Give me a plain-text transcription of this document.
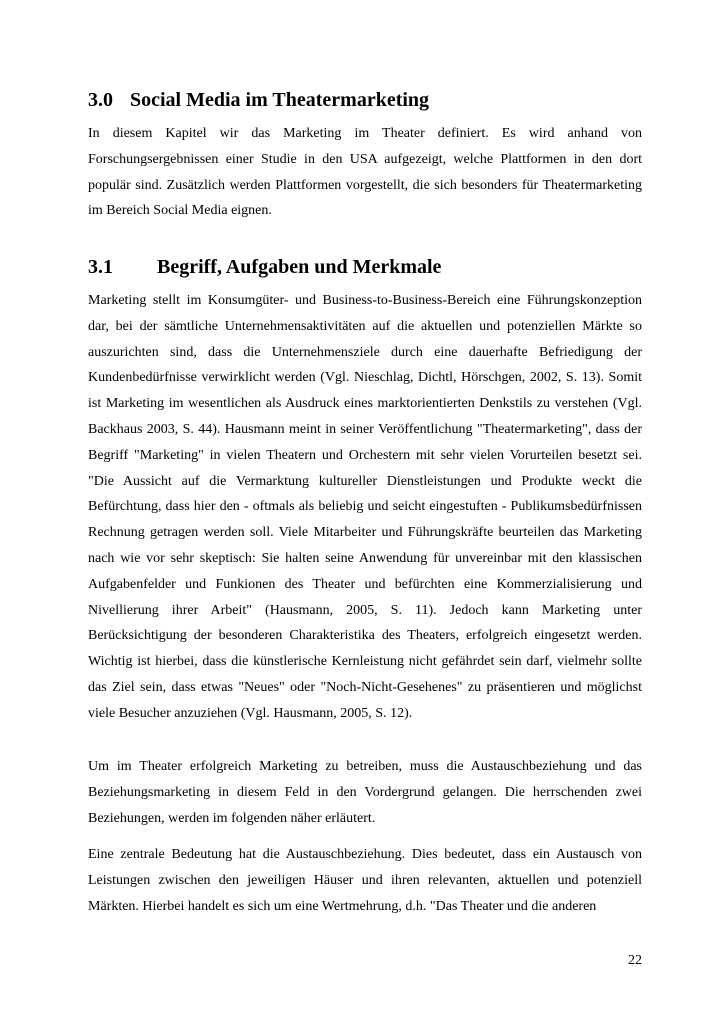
3.0 Social Media im Theatermarketing

In diesem Kapitel wir das Marketing im Theater definiert. Es wird anhand von Forschungsergebnissen einer Studie in den USA aufgezeigt, welche Plattformen in den dort populär sind. Zusätzlich werden Plattformen vorgestellt, die sich besonders für Theatermarketing im Bereich Social Media eignen.

3.1 Begriff, Aufgaben und Merkmale

Marketing stellt im Konsumgüter- und Business-to-Business-Bereich eine Führungskonzeption dar, bei der sämtliche Unternehmensaktivitäten auf die aktuellen und potenziellen Märkte so auszurichten sind, dass die Unternehmensziele durch eine dauerhafte Befriedigung der Kundenbedürfnisse verwirklicht werden (Vgl. Nieschlag, Dichtl, Hörschgen, 2002, S. 13). Somit ist Marketing im wesentlichen als Ausdruck eines marktorientierten Denkstils zu verstehen (Vgl. Backhaus 2003, S. 44). Hausmann meint in seiner Veröffentlichung "Theatermarketing", dass der Begriff "Marketing" in vielen Theatern und Orchestern mit sehr vielen Vorurteilen besetzt sei. "Die Aussicht auf die Vermarktung kultureller Dienstleistungen und Produkte weckt die Befürchtung, dass hier den - oftmals als beliebig und seicht eingestuften - Publikumsbedürfnissen Rechnung getragen werden soll. Viele Mitarbeiter und Führungskräfte beurteilen das Marketing nach wie vor sehr skeptisch: Sie halten seine Anwendung für unvereinbar mit den klassischen Aufgabenfelder und Funkionen des Theater und befürchten eine Kommerzialisierung und Nivellierung ihrer Arbeit" (Hausmann, 2005, S. 11). Jedoch kann Marketing unter Berücksichtigung der besonderen Charakteristika des Theaters, erfolgreich eingesetzt werden. Wichtig ist hierbei, dass die künstlerische Kernleistung nicht gefährdet sein darf, vielmehr sollte das Ziel sein, dass etwas "Neues" oder "Noch-Nicht-Gesehenes" zu präsentieren und möglichst viele Besucher anzuziehen (Vgl. Hausmann, 2005, S. 12).

Um im Theater erfolgreich Marketing zu betreiben, muss die Austauschbeziehung und das Beziehungsmarketing in diesem Feld in den Vordergrund gelangen. Die herrschenden zwei Beziehungen, werden im folgenden näher erläutert.

Eine zentrale Bedeutung hat die Austauschbeziehung. Dies bedeutet, dass ein Austausch von Leistungen zwischen den jeweiligen Häuser und ihren relevanten, aktuellen und potenziell Märkten. Hierbei handelt es sich um eine Wertmehrung, d.h. "Das Theater und die anderen

22
